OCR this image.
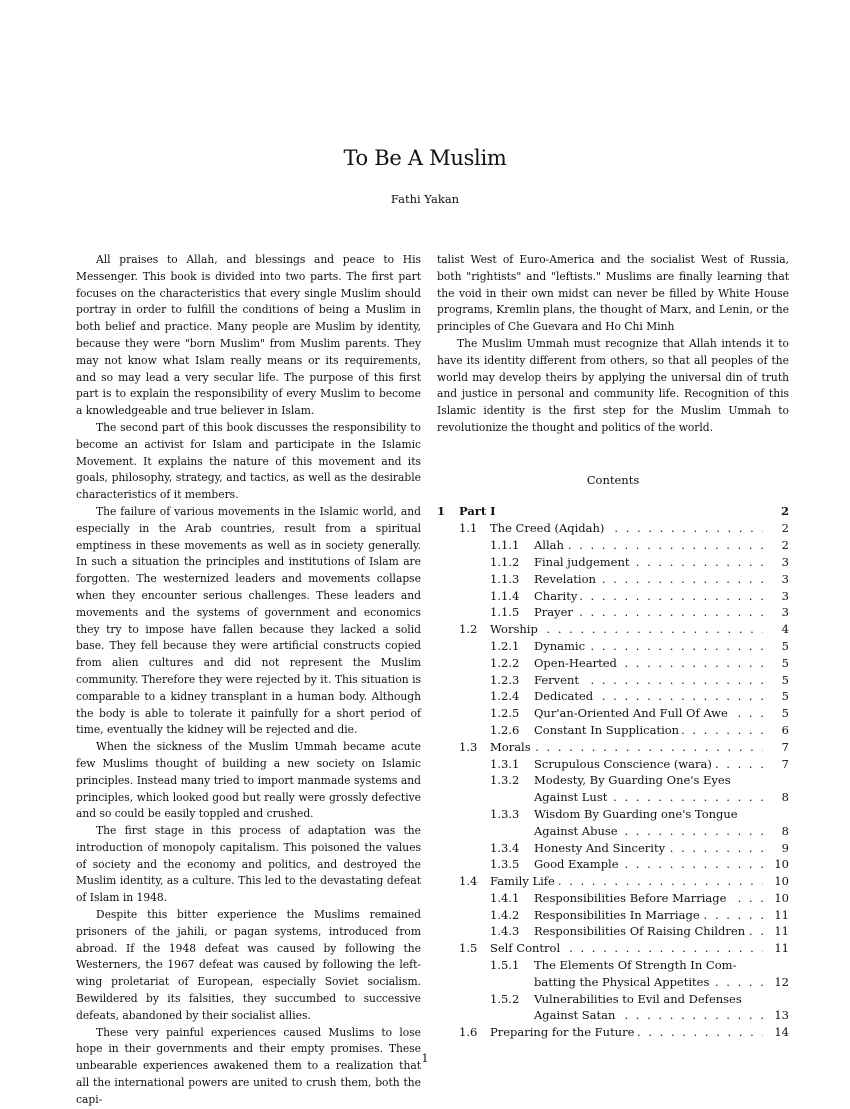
To Be A Muslim
Fathi Yakan

All praises to Allah, and blessings and peace to His Messenger. This book is divided into two parts. The first part focuses on the characteristics that every single Muslim should portray in order to fulfill the conditions of being a Muslim in both belief and practice. Many people are Muslim by identity, because they were "born Muslim" from Muslim parents. They may not know what Islam really means or its requirements, and so may lead a very secular life. The purpose of this first part is to explain the responsibility of every Muslim to become a knowledgeable and true believer in Islam.

The second part of this book discusses the responsibility to become an activist for Islam and participate in the Islamic Movement. It explains the nature of this movement and its goals, philosophy, strategy, and tactics, as well as the desirable characteristics of it members.

The failure of various movements in the Islamic world, and especially in the Arab countries, result from a spiritual emptiness in these movements as well as in society generally. In such a situation the principles and institutions of Islam are forgotten. The westernized leaders and movements collapse when they encounter serious challenges. These leaders and movements and the systems of government and economics they try to impose have fallen because they lacked a solid base. They fell because they were artificial constructs copied from alien cultures and did not represent the Muslim community. Therefore they were rejected by it. This situation is comparable to a kidney transplant in a human body. Although the body is able to tolerate it painfully for a short period of time, eventually the kidney will be rejected and die.

When the sickness of the Muslim Ummah became acute few Muslims thought of building a new society on Islamic principles. Instead many tried to import manmade systems and principles, which looked good but really were grossly defective and so could be easily toppled and crushed.

The first stage in this process of adaptation was the introduction of monopoly capitalism. This poisoned the values of society and the economy and politics, and destroyed the Muslim identity, as a culture. This led to the devastating defeat of Islam in 1948.

Despite this bitter experience the Muslims remained prisoners of the jahili, or pagan systems, introduced from abroad. If the 1948 defeat was caused by following the Westerners, the 1967 defeat was caused by following the left-wing proletariat of European, especially Soviet socialism. Bewildered by its falsities, they succumbed to successive defeats, abandoned by their socialist allies.

These very painful experiences caused Muslims to lose hope in their governments and their empty promises. These unbearable experiences awakened them to a realization that all the international powers are united to crush them, both the capi-

talist West of Euro-America and the socialist West of Russia, both "rightists" and "leftists." Muslims are finally learning that the void in their own midst can never be filled by White House programs, Kremlin plans, the thought of Marx, and Lenin, or the principles of Che Guevara and Ho Chi Minh

The Muslim Ummah must recognize that Allah intends it to have its identity different from others, so that all peoples of the world may develop theirs by applying the universal din of truth and justice in personal and community life. Recognition of this Islamic identity is the first step for the Muslim Ummah to revolutionize the thought and politics of the world.

Contents
1	Part I	2
1.1	The Creed (Aqidah) . . .	2
1.1.1	Allah . . .	2
1.1.2	Final judgement . . .	3
1.1.3	Revelation . . .	3
1.1.4	Charity . . .	3
1.1.5	Prayer . . .	3
1.2	Worship . . .	4
1.2.1	Dynamic . . .	5
1.2.2	Open-Hearted . . .	5
1.2.3	Fervent . . .	5
1.2.4	Dedicated . . .	5
1.2.5	Qur'an-Oriented And Full Of Awe . . .	5
1.2.6	Constant In Supplication . . .	6
1.3	Morals . . .	7
1.3.1	Scrupulous Conscience (wara) . . .	7
1.3.2	Modesty, By Guarding One's Eyes
Against Lust . . .	8
1.3.3	Wisdom By Guarding one's Tongue
Against Abuse . . .	8
1.3.4	Honesty And Sincerity . . .	9
1.3.5	Good Example . . .	10
1.4	Family Life . . .	10
1.4.1	Responsibilities Before Marriage . . .	10
1.4.2	Responsibilities In Marriage . . .	11
1.4.3	Responsibilities Of Raising Children . . .	11
1.5	Self Control . . .	11
1.5.1	The Elements Of Strength In Com-
batting the Physical Appetites . . .	12
1.5.2	Vulnerabilities to Evil and Defenses
Against Satan . . .	13
1.6	Preparing for the Future . . .	14
1
